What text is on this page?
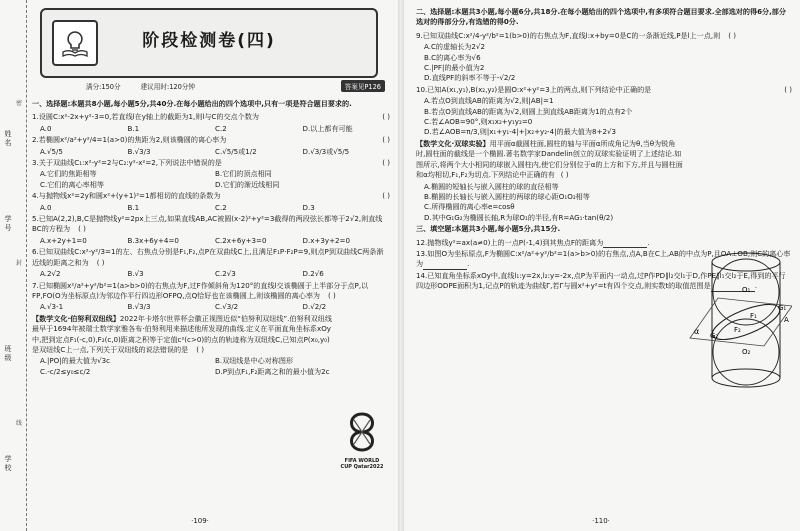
姓名
学号
班级
学校
密
封
线
阶段检测卷(四)
满分:150分	建议用时:120分钟	答案见P126
一、选择题:本题共8小题,每小题5分,共40分.在每小题给出的四个选项中,只有一项是符合题目要求的.
1.设圆C:x²-2x+y²-3=0,若直线l在y轴上的截距为1,则l与C的交点个数为	( )
A.0	B.1	C.2	D.以上都有可能
2.若椭圆x²/a²+y²/4=1(a>0)的焦距为2,则该椭圆的离心率为	( )
A.√5/5	B.√3/3	C.√5/5或1/2	D.√3/3或√5/5
3.关于双曲线C₁:x²-y²=2与C₂:y²-x²=2,下列说法中错误的是	( )
A.它们的焦距相等	B.它们的顶点相同
C.它们的离心率相等	D.它们的渐近线相同
4.与抛物线x²=2y和圆x²+(y+1)²=1都相切的直线的条数为	( )
A.0	B.1	C.2	D.3
5.已知A(2,2),B,C是抛物线y²=2px上三点,如果直线AB,AC被圆(x-2)²+y²=3截得的两段弦长都等于2√2,则直线BC的方程为 ( )
A.x+2y+1=0	B.3x+6y+4=0	C.2x+6y+3=0	D.x+3y+2=0
6.已知双曲线C:x²-y²/3=1的左、右焦点分别是F₁,F₂,点P在双曲线C上,且满足F₁P·F₂P=9,则点P到双曲线C两条渐近线的距离之和为 ( )
A.2√2	B.√3	C.2√3	D.2√6
7.已知椭圆x²/a²+y²/b²=1(a>b>0)的右焦点为F,过F作倾斜角为120°的直线l交该椭圆于上半部分于点P,以FP,FO(O为坐标原点)为邻边作平行四边形OFPQ,点Q恰好也在该椭圆上,则该椭圆的离心率为 ( )
A.√3-1	B.√3/3	C.√3/2	D.√2/2
【数学文化·伯努利双纽线】2022年卡塔尔世界杯会徽正视图近似“伯努利双纽线”.伯努利双纽线最早于1694年被瑞士数学家雅各布·伯努利用来描述他所发现的曲线.定义在平面直角坐标系xOy中,把到定点F₁(-c,0),F₂(c,0)距离之积等于定值c²(c>0)的点的轨迹称为双纽线C,已知点P(x₀,y₀)是双纽线C上一点,下列关于双纽线的说法错误的是 ( )
A.|PO|的最大值为√3c	B.双纽线是中心对称图形
C.-c/2≤y₀≤c/2	D.P到点F₁,F₂距离之和的最小值为2c
FIFA WORLD CUP Qatar2022
·109·
二、选择题:本题共3小题,每小题6分,共18分.在每小题给出的四个选项中,有多项符合题目要求.全部选对的得6分,部分选对的得部分分,有选错的得0分.
9.已知双曲线C:x²/4-y²/b²=1(b>0)的右焦点为F,直线l:x+by=0是C的一条渐近线,P是l上一点,则 ( )
A.C的虚轴长为2√2
B.C的离心率为√6
C.|PF|的最小值为2
D.直线PF的斜率不等于-√2/2
10.已知A(x₁,y₁),B(x₂,y₂)是圆O:x²+y²=3上的两点,则下列结论中正确的是	( )
A.若点O到直线AB的距离为√2,则|AB|=1
B.若点O到直线AB的距离为√2,则圆上到直线AB距离为1的点有2个
C.若∠AOB=90°,则x₁x₂+y₁y₂=0
D.若∠AOB=π/3,则|x₁+y₁-4|+|x₂+y₂-4|的最大值为8+2√3
【数学文化·双球实验】用平面α截圆柱面,圆柱的轴与平面α所成角记为θ,当θ为锐角时,圆柱面的截线是一个椭圆.著名数学家Dandelin创立的双球实验证明了上述结论.如图所示,将两个大小相同的球嵌入圆柱内,使它们分别位于α的上方和下方,并且与圆柱面和α均相切,F₁,F₂为切点.下列结论中正确的有 ( )
A.椭圆的短轴长与嵌入圆柱的球的直径相等
B.椭圆的长轴长与嵌入圆柱的两球的球心距O₁O₂相等
C.所得椭圆的离心率e=cosθ
D.其中G₁G₂为椭圆长轴,R为球O₁的半径,有R=AG₁·tan(θ/2)
三、填空题:本题共3小题,每小题5分,共15分.
12.抛物线y²=ax(a≠0)上的一点P(-1,4)到其焦点F的距离为	.
13.如图O为坐标原点,F为椭圆C:x²/a²+y²/b²=1(a>b>0)的右焦点,点A,B在C上,AB的中点为P,且OA⊥OB,则C的离心率为	.
14.已知直角坐标系xOy中,直线l₁:y=2x,l₂:y=-2x,点P为平面内一动点,过P作PD∥l₂交l₁于D,作PE∥l₁交l₂于E,得到的平行四边形ODPE面积为1,记点P的轨迹为曲线Γ,若Γ与圆x²+y²=t有四个交点,则实数t的取值范围是	.
O₁
O₂
F₁
F₂
G₁
G₂
A
α
·110·
